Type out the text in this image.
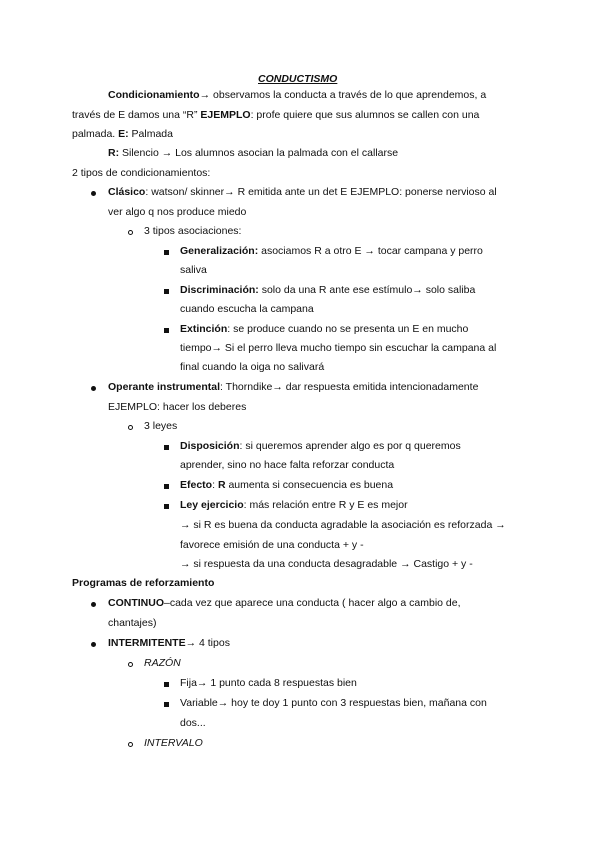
CONDUCTISMO
Condicionamiento→ observamos la conducta a través de lo que aprendemos, a
través de E damos una “R” EJEMPLO: profe quiere que sus alumnos se callen con una
palmada. E: Palmada
R: Silencio → Los alumnos asocian la palmada con el callarse
2 tipos de condicionamientos:
Clásico: watson/ skinner→ R emitida ante un det E EJEMPLO: ponerse nervioso al
ver algo q nos produce miedo
3 tipos asociaciones:
Generalización: asociamos R a otro E → tocar campana y perro
saliva
Discriminación: solo da una R ante ese estímulo→ solo saliba
cuando escucha la campana
Extinción: se produce cuando no se presenta un E en mucho
tiempo→ Si el perro lleva mucho tiempo sin escuchar la campana al
final cuando la oiga no salivará
Operante instrumental: Thorndike→ dar respuesta emitida intencionadamente
EJEMPLO: hacer los deberes
3 leyes
Disposición: si queremos aprender algo es por q queremos
aprender, sino no hace falta reforzar conducta
Efecto: R aumenta si consecuencia es buena
Ley ejercicio: más relación entre R y E es mejor
→ si R es buena da conducta agradable la asociación es reforzada →
favorece emisión de una conducta + y -
→ si respuesta da una conducta desagradable → Castigo + y -
Programas de reforzamiento
CONTINUO–cada vez que aparece una conducta ( hacer algo a cambio de,
chantajes)
INTERMITENTE→ 4 tipos
RAZÓN
Fija→ 1 punto cada 8 respuestas bien
Variable→ hoy te doy 1 punto con 3 respuestas bien, mañana con
dos...
INTERVALO
